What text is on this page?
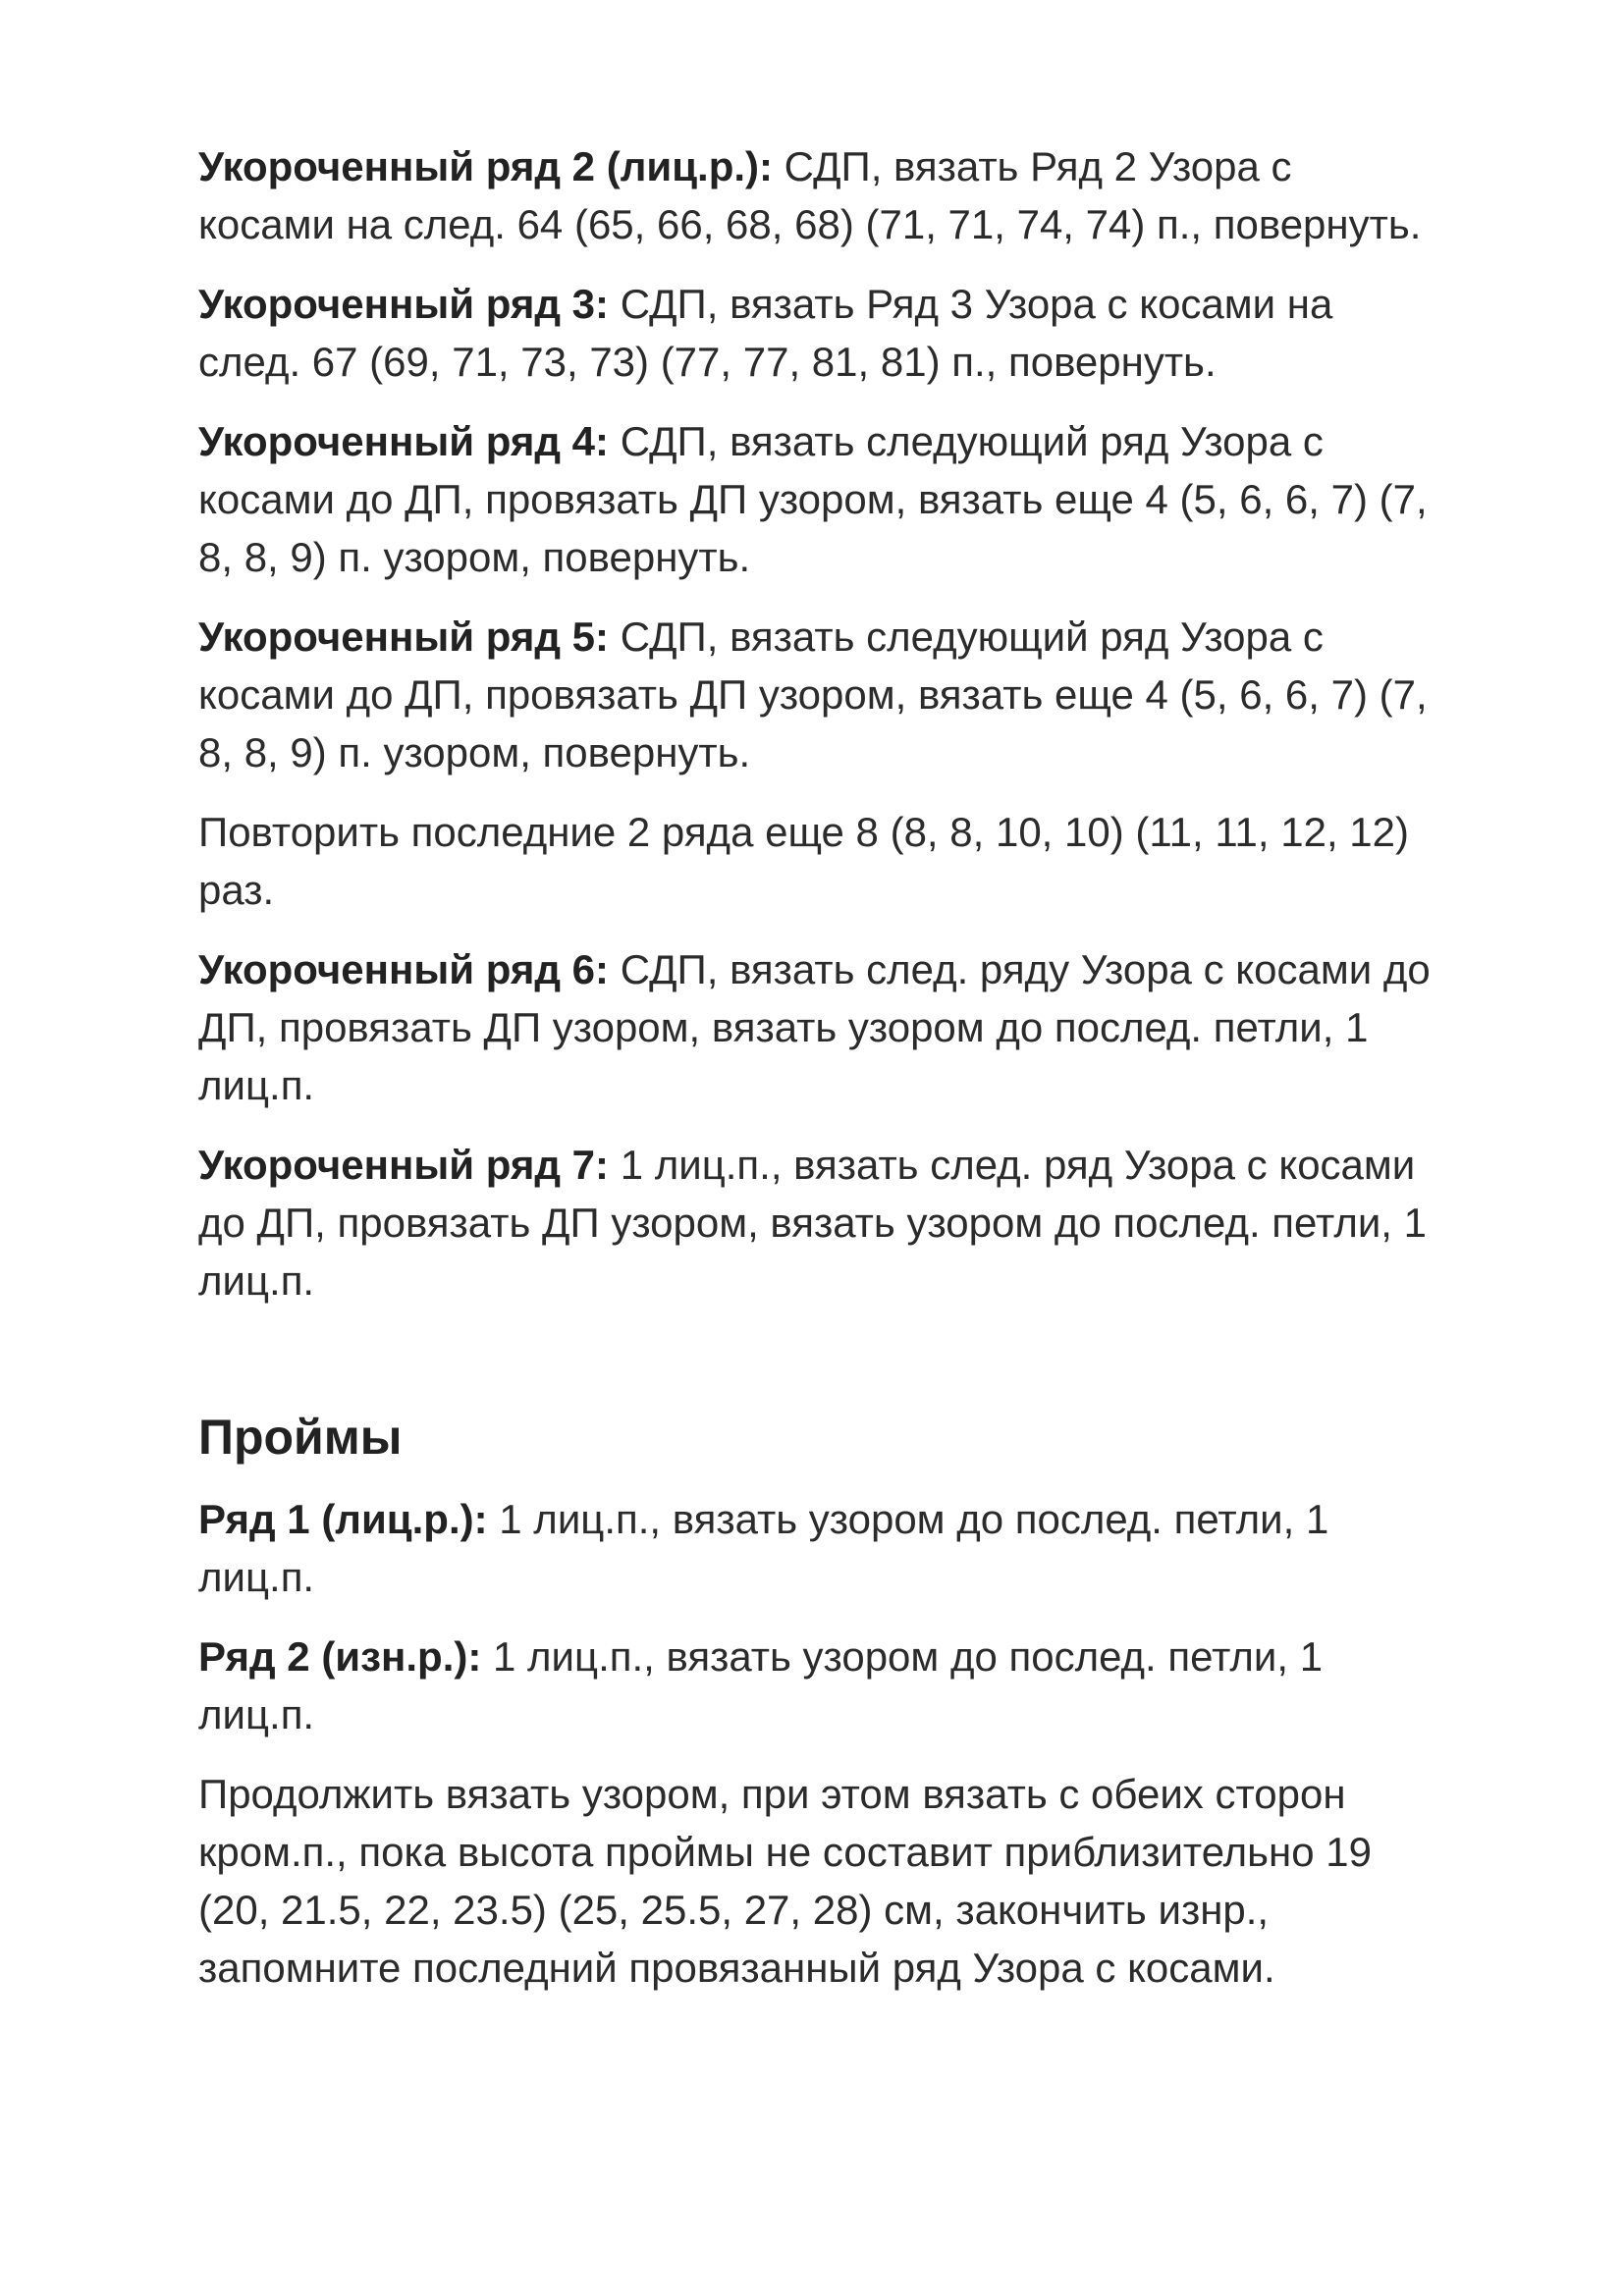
Укороченный ряд 2 (лиц.р.): СДП, вязать Ряд 2 Узора с косами на след. 64 (65, 66, 68, 68) (71, 71, 74, 74) п., повернуть.

Укороченный ряд 3: СДП, вязать Ряд 3 Узора с косами на след. 67 (69, 71, 73, 73) (77, 77, 81, 81) п., повернуть.

Укороченный ряд 4: СДП, вязать следующий ряд Узора с косами до ДП, провязать ДП узором, вязать еще 4 (5, 6, 6, 7) (7, 8, 8, 9) п. узором, повернуть.

Укороченный ряд 5: СДП, вязать следующий ряд Узора с косами до ДП, провязать ДП узором, вязать еще 4 (5, 6, 6, 7) (7, 8, 8, 9) п. узором, повернуть.

Повторить последние 2 ряда еще 8 (8, 8, 10, 10) (11, 11, 12, 12) раз.

Укороченный ряд 6: СДП, вязать след. ряду Узора с косами до ДП, провязать ДП узором, вязать узором до послед. петли, 1 лиц.п.

Укороченный ряд 7: 1 лиц.п., вязать след. ряд Узора с косами до ДП, провязать ДП узором, вязать узором до послед. петли, 1 лиц.п.

Проймы

Ряд 1 (лиц.р.): 1 лиц.п., вязать узором до послед. петли, 1 лиц.п.

Ряд 2 (изн.р.): 1 лиц.п., вязать узором до послед. петли, 1 лиц.п.

Продолжить вязать узором, при этом вязать с обеих сторон кром.п., пока высота проймы не составит приблизительно 19 (20, 21.5, 22, 23.5) (25, 25.5, 27, 28) см, закончить изнр., запомните последний провязанный ряд Узора с косами.
